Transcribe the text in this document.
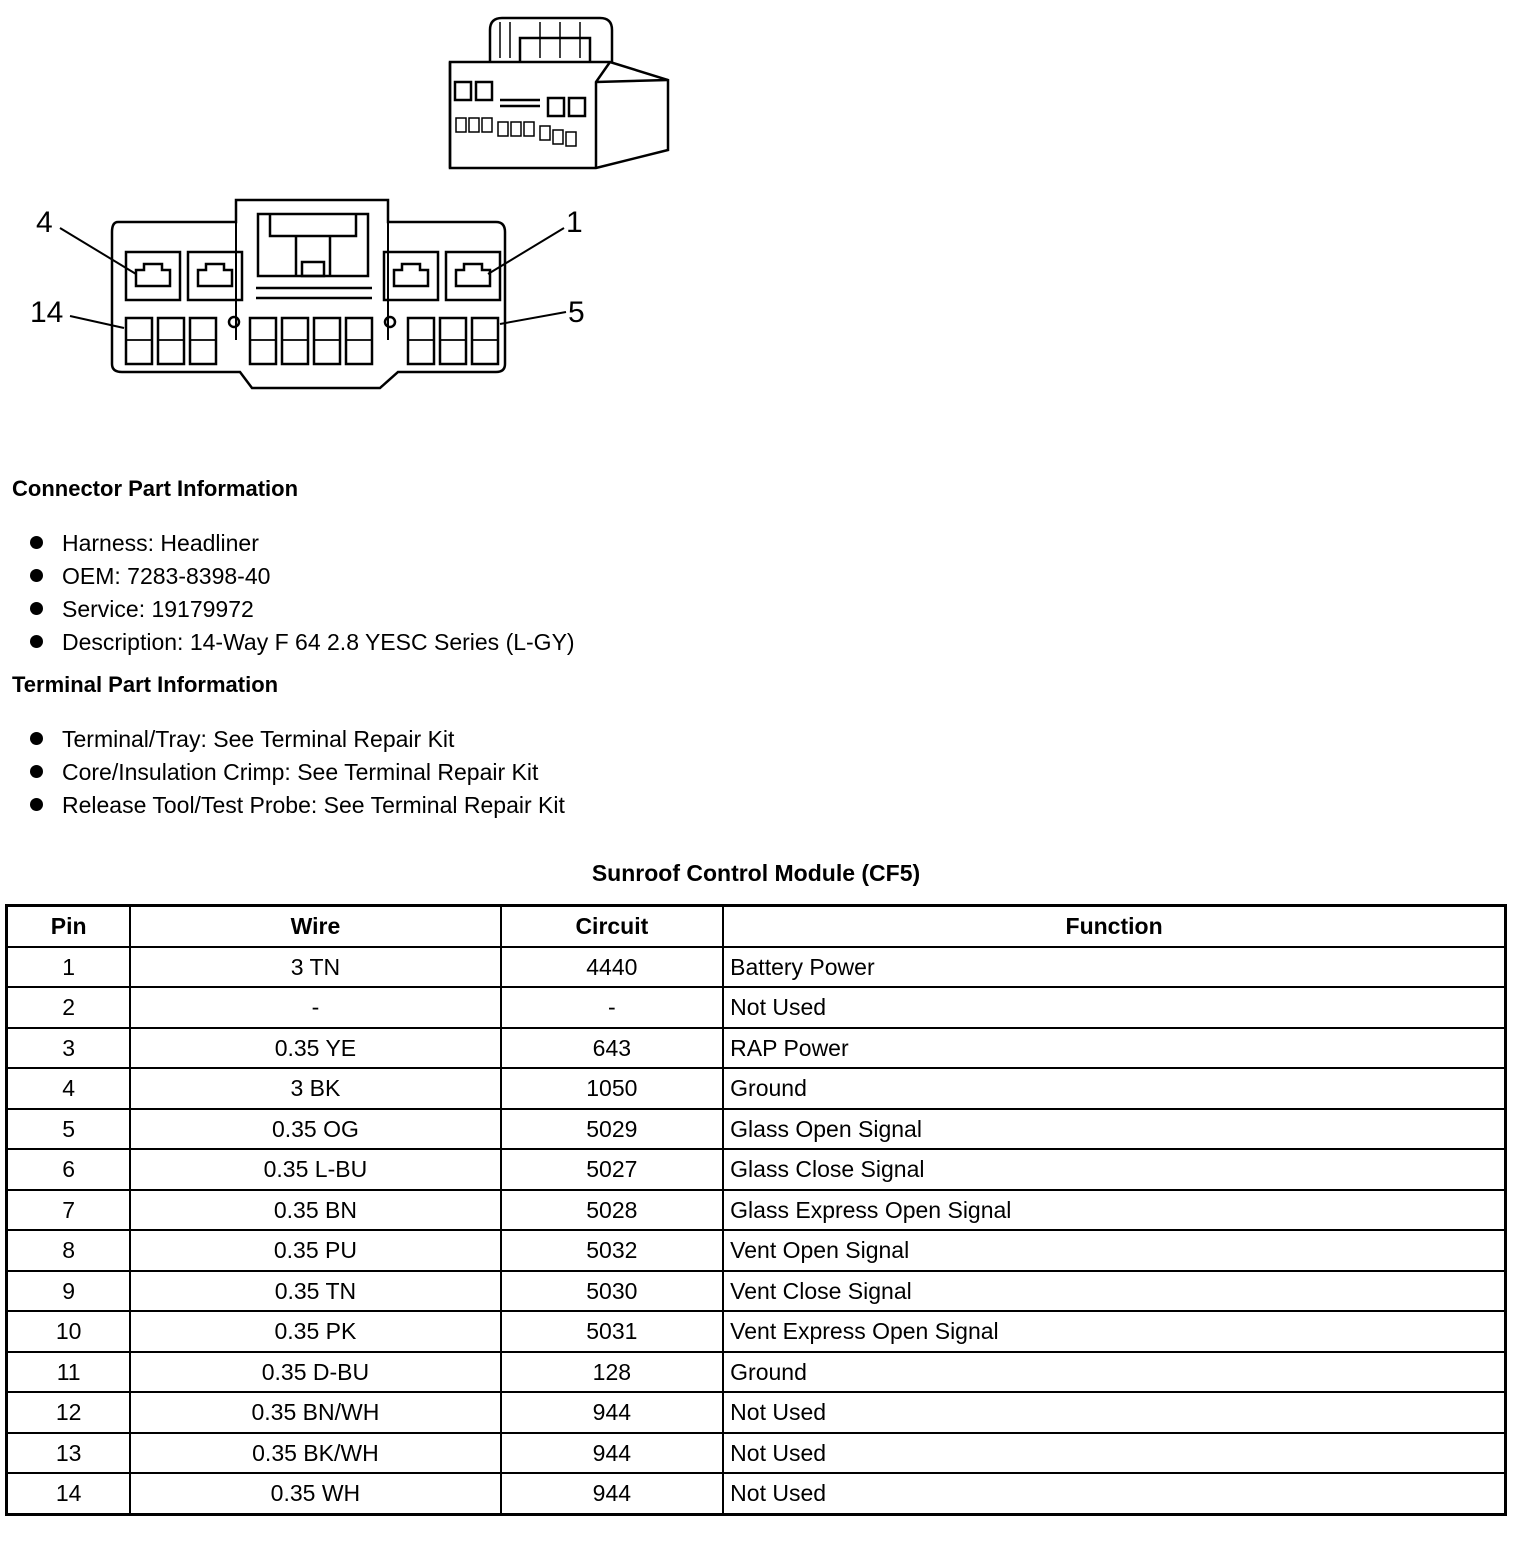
4	1
14	5
Connector Part Information
Harness: Headliner
OEM: 7283-8398-40
Service: 19179972
Description: 14-Way F 64 2.8 YESC Series (L-GY)
Terminal Part Information
Terminal/Tray: See Terminal Repair Kit
Core/Insulation Crimp: See Terminal Repair Kit
Release Tool/Test Probe: See Terminal Repair Kit
Sunroof Control Module (CF5)
Pin	Wire	Circuit	Function
1	3 TN	4440	Battery Power
2	-	-	Not Used
3	0.35 YE	643	RAP Power
4	3 BK	1050	Ground
5	0.35 OG	5029	Glass Open Signal
6	0.35 L-BU	5027	Glass Close Signal
7	0.35 BN	5028	Glass Express Open Signal
8	0.35 PU	5032	Vent Open Signal
9	0.35 TN	5030	Vent Close Signal
10	0.35 PK	5031	Vent Express Open Signal
11	0.35 D-BU	128	Ground
12	0.35 BN/WH	944	Not Used
13	0.35 BK/WH	944	Not Used
14	0.35 WH	944	Not Used
